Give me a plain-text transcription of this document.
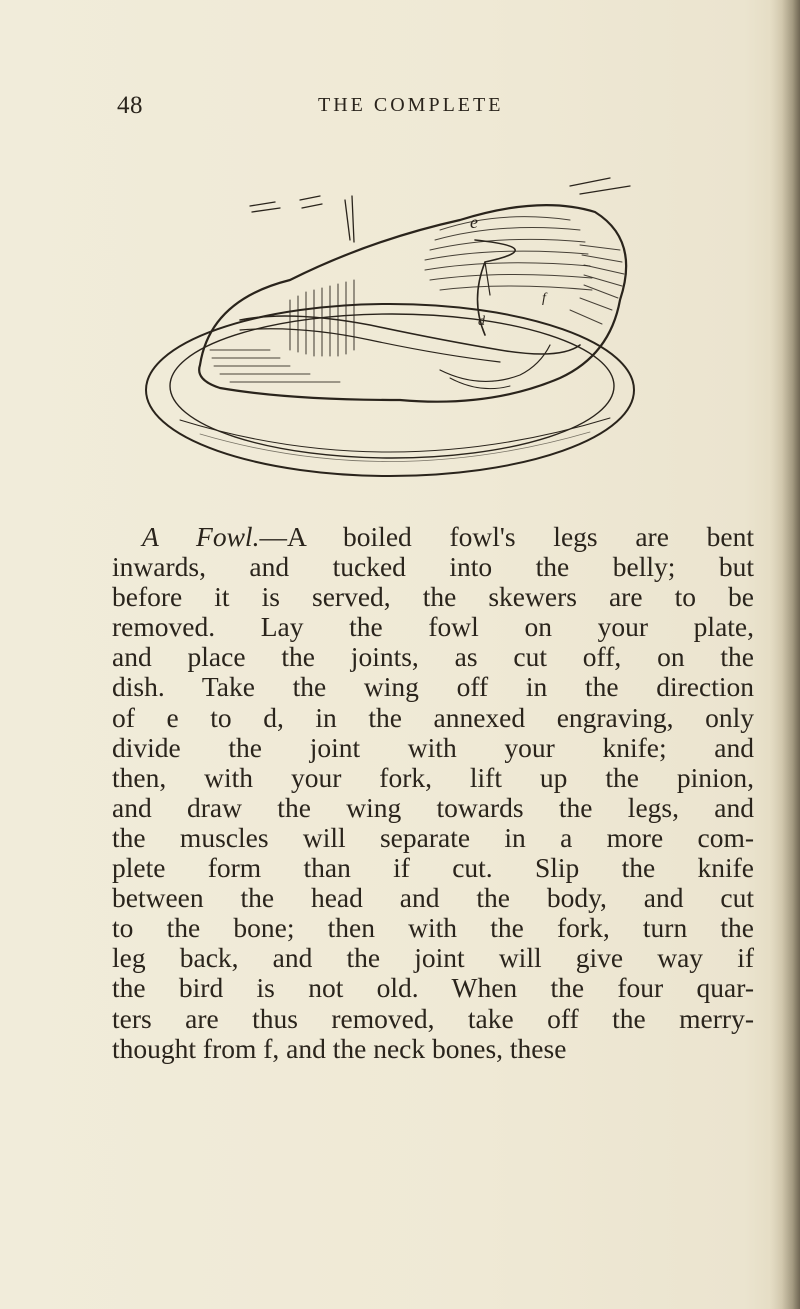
48	THE COMPLETE
e
d
f
A Fowl.—A boiled fowl's legs are bent
inwards, and tucked into the belly; but
before it is served, the skewers are to be
removed. Lay the fowl on your plate,
and place the joints, as cut off, on the
dish. Take the wing off in the direction
of e to d, in the annexed engraving, only
divide the joint with your knife; and
then, with your fork, lift up the pinion,
and draw the wing towards the legs, and
the muscles will separate in a more com-
plete form than if cut. Slip the knife
between the head and the body, and cut
to the bone; then with the fork, turn the
leg back, and the joint will give way if
the bird is not old. When the four quar-
ters are thus removed, take off the merry-
thought from f, and the neck bones, these
